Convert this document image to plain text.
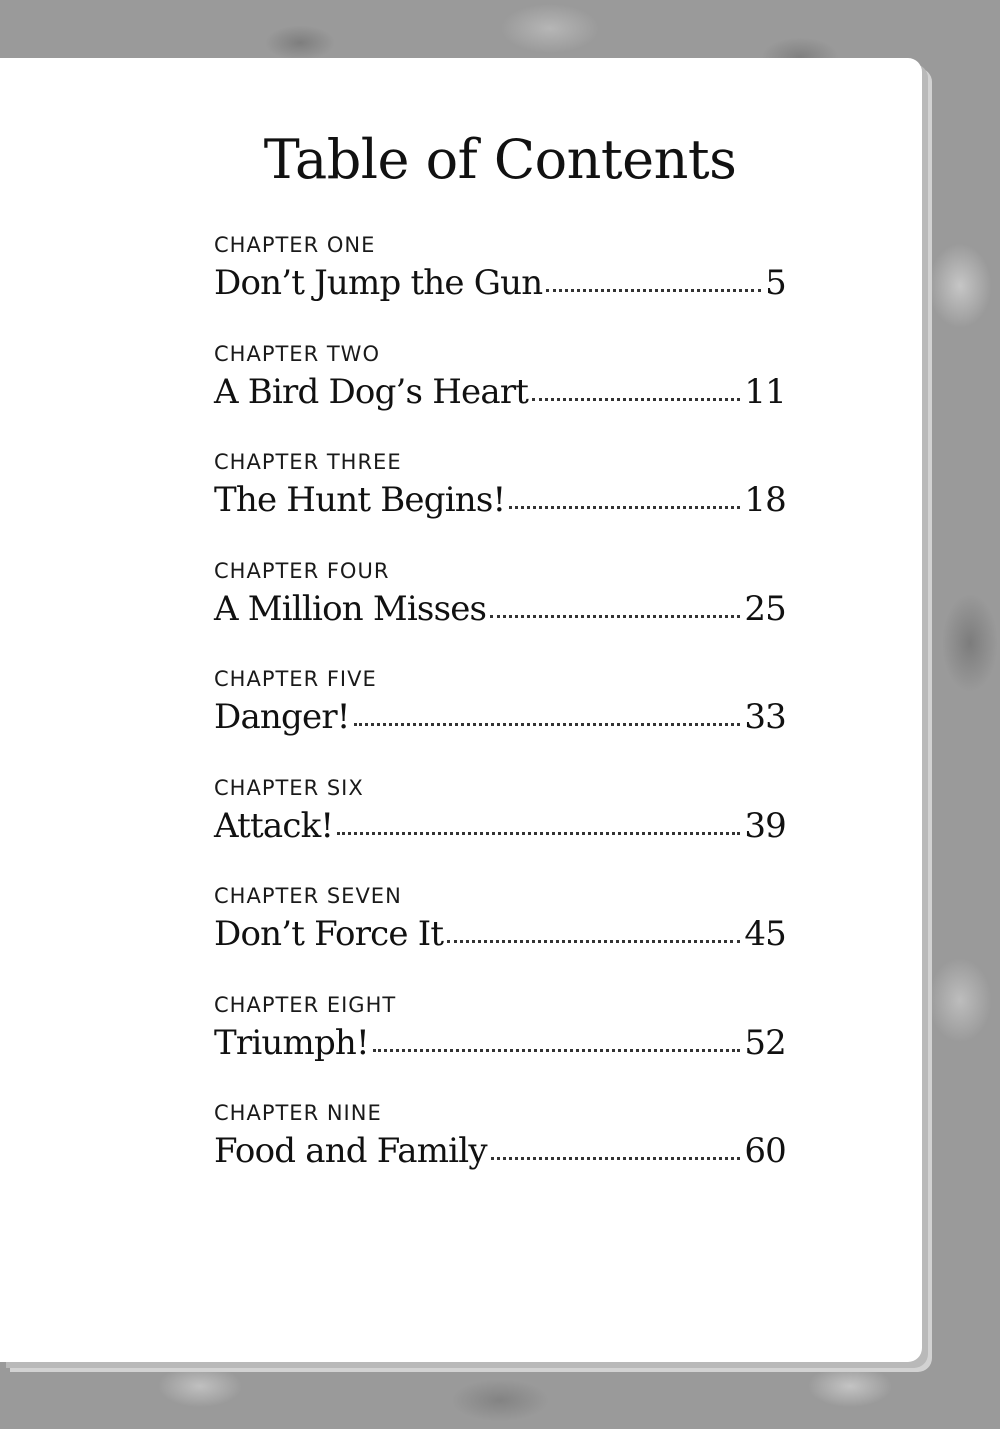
Table of Contents
CHAPTER ONE
Don’t Jump the Gun	5
CHAPTER TWO
A Bird Dog’s Heart	11
CHAPTER THREE
The Hunt Begins!	18
CHAPTER FOUR
A Million Misses	25
CHAPTER FIVE
Danger!	33
CHAPTER SIX
Attack!	39
CHAPTER SEVEN
Don’t Force It	45
CHAPTER EIGHT
Triumph!	52
CHAPTER NINE
Food and Family	60
